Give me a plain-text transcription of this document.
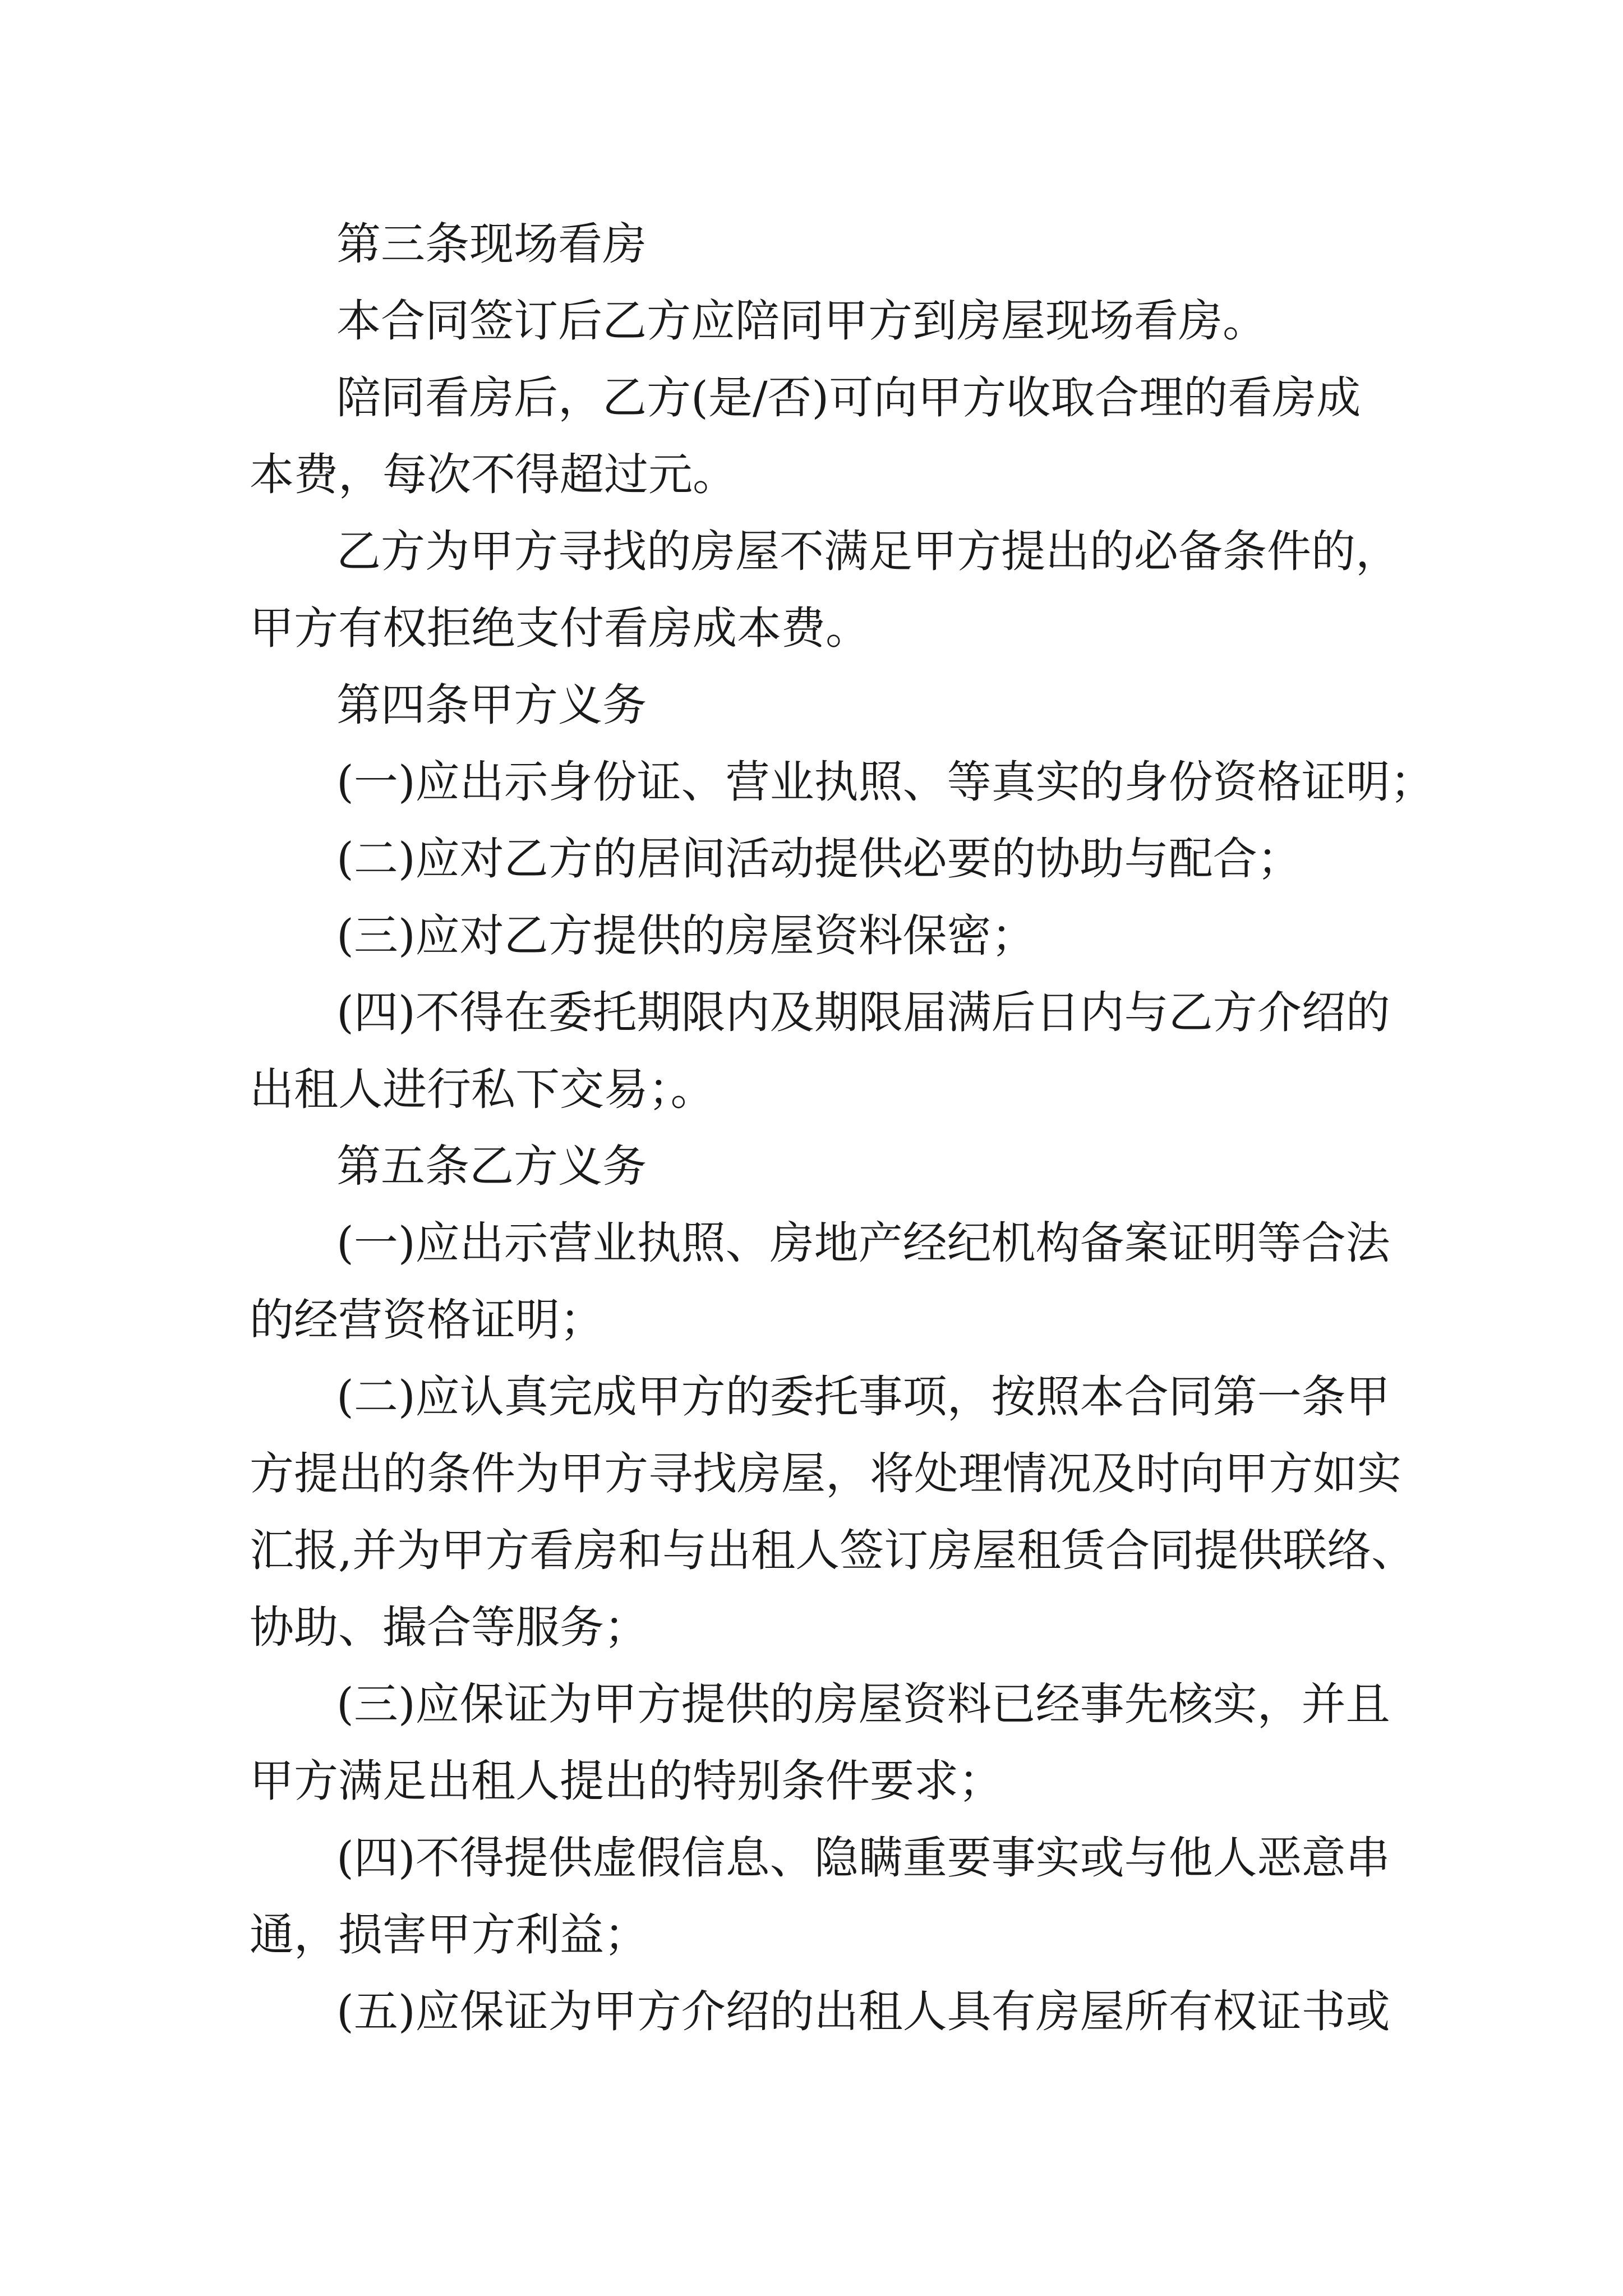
第三条现场看房
本合同签订后乙方应陪同甲方到房屋现场看房。
陪同看房后，乙方(是/否)可向甲方收取合理的看房成
本费，每次不得超过元。
乙方为甲方寻找的房屋不满足甲方提出的必备条件的，
甲方有权拒绝支付看房成本费。
第四条甲方义务
(一)应出示身份证、营业执照、等真实的身份资格证明；
(二)应对乙方的居间活动提供必要的协助与配合；
(三)应对乙方提供的房屋资料保密；
(四)不得在委托期限内及期限届满后日内与乙方介绍的
出租人进行私下交易；。
第五条乙方义务
(一)应出示营业执照、房地产经纪机构备案证明等合法
的经营资格证明；
(二)应认真完成甲方的委托事项，按照本合同第一条甲
方提出的条件为甲方寻找房屋，将处理情况及时向甲方如实
汇报,并为甲方看房和与出租人签订房屋租赁合同提供联络、
协助、撮合等服务；
(三)应保证为甲方提供的房屋资料已经事先核实，并且
甲方满足出租人提出的特别条件要求；
(四)不得提供虚假信息、隐瞒重要事实或与他人恶意串
通，损害甲方利益；
(五)应保证为甲方介绍的出租人具有房屋所有权证书或
